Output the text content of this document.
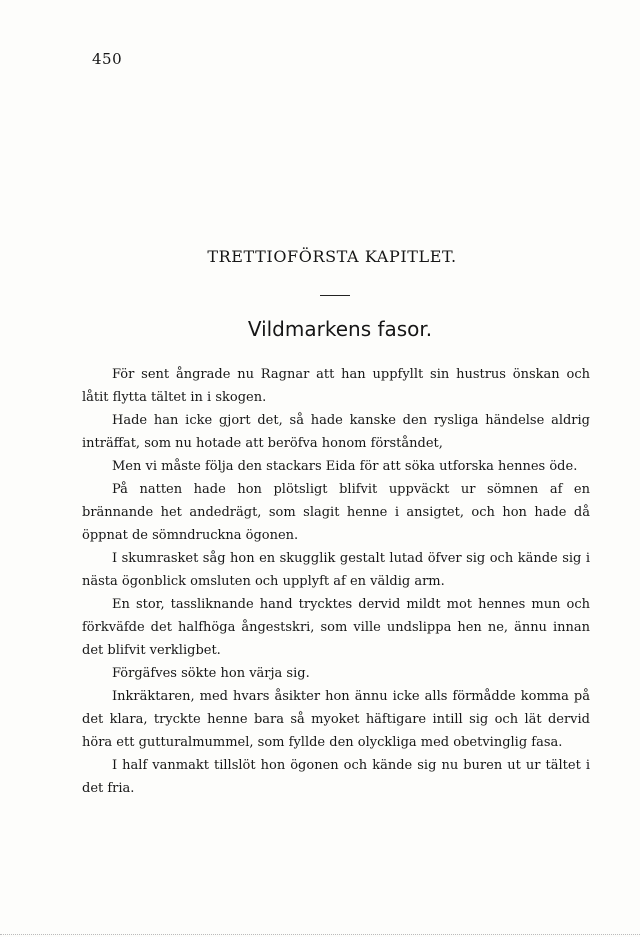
450
TRETTIOFÖRSTA KAPITLET.
Vildmarkens fasor.

För sent ångrade nu Ragnar att han uppfyllt sin hustrus önskan och låtit flytta tältet in i skogen.

Hade han icke gjort det, så hade kanske den rysliga händelse aldrig inträffat, som nu hotade att beröfva honom förståndet,

Men vi måste följa den stackars Eida för att söka utforska hennes öde.

På natten hade hon plötsligt blifvit uppväckt ur sömnen af en brännande het andedrägt, som slagit henne i ansigtet, och hon hade då öppnat de sömndruckna ögonen.

I skumrasket såg hon en skugglik gestalt lutad öfver sig och kände sig i nästa ögonblick omsluten och upplyft af en väldig arm.

En stor, tassliknande hand trycktes dervid mildt mot hennes mun och förkväfde det halfhöga ångestskri, som ville undslippa hen ne, ännu innan det blifvit verkligbet.

Förgäfves sökte hon värja sig.

Inkräktaren, med hvars åsikter hon ännu icke alls förmådde komma på det klara, tryckte henne bara så myoket häftigare intill sig och lät dervid höra ett gutturalmummel, som fyllde den olyckliga med obetvinglig fasa.

I half vanmakt tillslöt hon ögonen och kände sig nu buren ut ur tältet i det fria.
